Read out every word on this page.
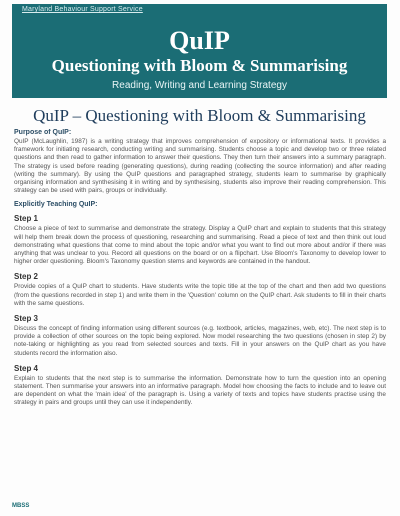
Maryland Behaviour Support Service
QuIP
Questioning with Bloom & Summarising
Reading, Writing and Learning Strategy
QuIP – Questioning with Bloom & Summarising
Purpose of QuIP:

QuIP (McLaughlin, 1987) is a writing strategy that improves comprehension of expository or informational texts. It provides a framework for initiating research, conducting writing and summarising. Students choose a topic and develop two or three related questions and then read to gather information to answer their questions. They then turn their answers into a summary paragraph. The strategy is used before reading (generating questions), during reading (collecting the source information) and after reading (writing the summary). By using the QuIP questions and paragraphed strategy, students learn to summarise by graphically organising information and synthesising it in writing and by synthesising, students also improve their reading comprehension. This strategy can be used with pairs, groups or individually.

Explicitly Teaching QuIP:
Step 1

Choose a piece of text to summarise and demonstrate the strategy. Display a QuIP chart and explain to students that this strategy will help them break down the process of questioning, researching and summarising. Read a piece of text and then think out loud demonstrating what questions that come to mind about the topic and/or what you want to find out more about and/or if there was anything that was unclear to you. Record all questions on the board or on a flipchart. Use Bloom's Taxonomy to develop lower to higher order questioning. Bloom's Taxonomy question stems and keywords are contained in the handout.

Step 2

Provide copies of a QuIP chart to students. Have students write the topic title at the top of the chart and then add two questions (from the questions recorded in step 1) and write them in the 'Question' column on the QuIP chart. Ask students to fill in their charts with the same questions.

Step 3

Discuss the concept of finding information using different sources (e.g. textbook, articles, magazines, web, etc). The next step is to provide a collection of other sources on the topic being explored. Now model researching the two questions (chosen in step 2) by note-taking or highlighting as you read from selected sources and texts. Fill in your answers on the QuIP chart as you have students record the information also.

Step 4

Explain to students that the next step is to summarise the information. Demonstrate how to turn the question into an opening statement. Then summarise your answers into an informative paragraph. Model how choosing the facts to include and to leave out are dependent on what the 'main idea' of the paragraph is. Using a variety of texts and topics have students practise using the strategy in pairs and groups until they can use it independently.

MBSS
